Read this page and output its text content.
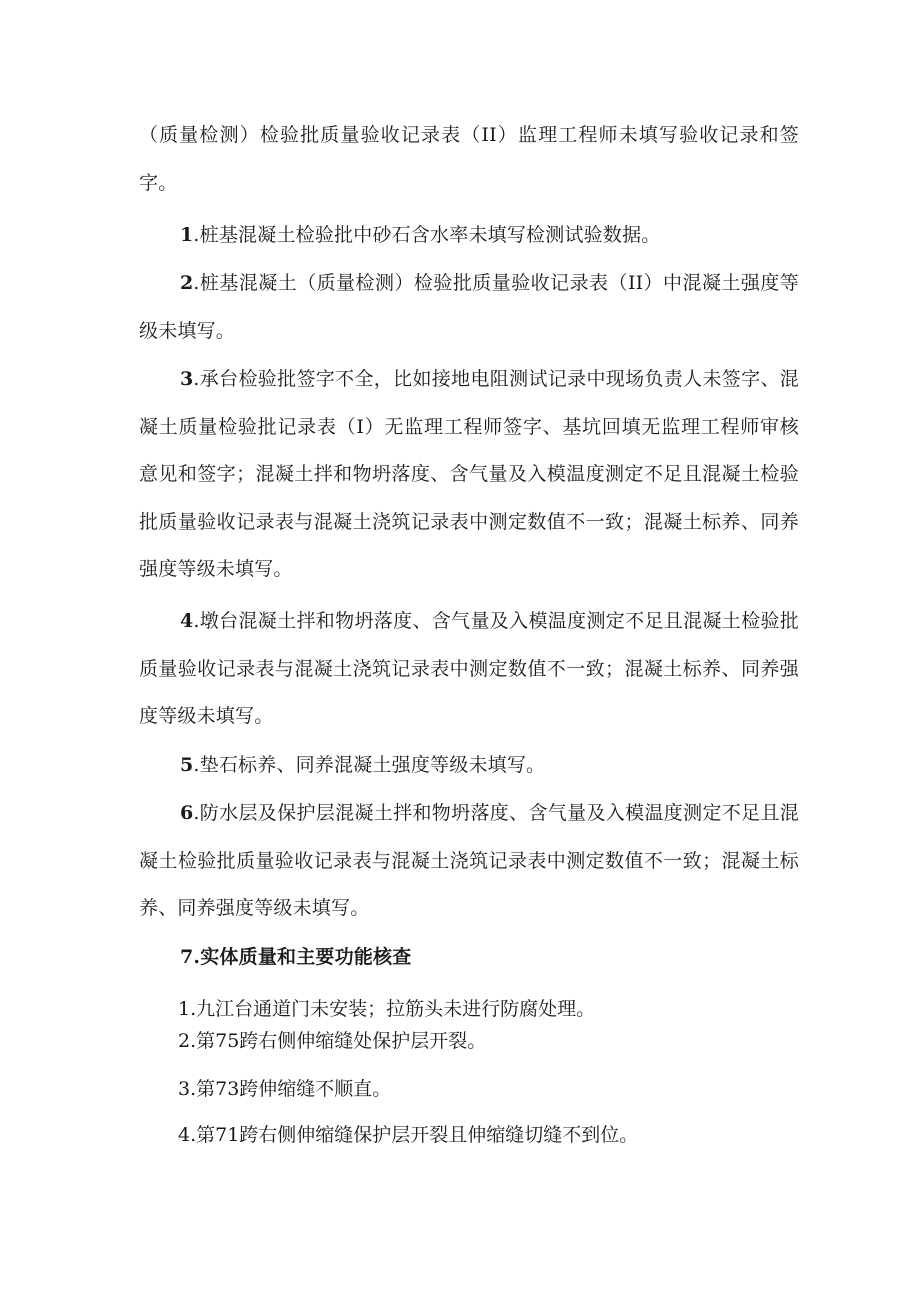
（质量检测）检验批质量验收记录表（II）监理工程师未填写验收记录和签字。

1.桩基混凝土检验批中砂石含水率未填写检测试验数据。

2.桩基混凝土（质量检测）检验批质量验收记录表（II）中混凝土强度等级未填写。

3.承台检验批签字不全，比如接地电阻测试记录中现场负责人未签字、混凝土质量检验批记录表（I）无监理工程师签字、基坑回填无监理工程师审核意见和签字；混凝土拌和物坍落度、含气量及入模温度测定不足且混凝土检验批质量验收记录表与混凝土浇筑记录表中测定数值不一致；混凝土标养、同养强度等级未填写。

4.墩台混凝土拌和物坍落度、含气量及入模温度测定不足且混凝土检验批质量验收记录表与混凝土浇筑记录表中测定数值不一致；混凝土标养、同养强度等级未填写。

5.垫石标养、同养混凝土强度等级未填写。

6.防水层及保护层混凝土拌和物坍落度、含气量及入模温度测定不足且混凝土检验批质量验收记录表与混凝土浇筑记录表中测定数值不一致；混凝土标养、同养强度等级未填写。

7.实体质量和主要功能核查

1.九江台通道门未安装；拉筋头未进行防腐处理。

2.第75跨右侧伸缩缝处保护层开裂。

3.第73跨伸缩缝不顺直。

4.第71跨右侧伸缩缝保护层开裂且伸缩缝切缝不到位。
